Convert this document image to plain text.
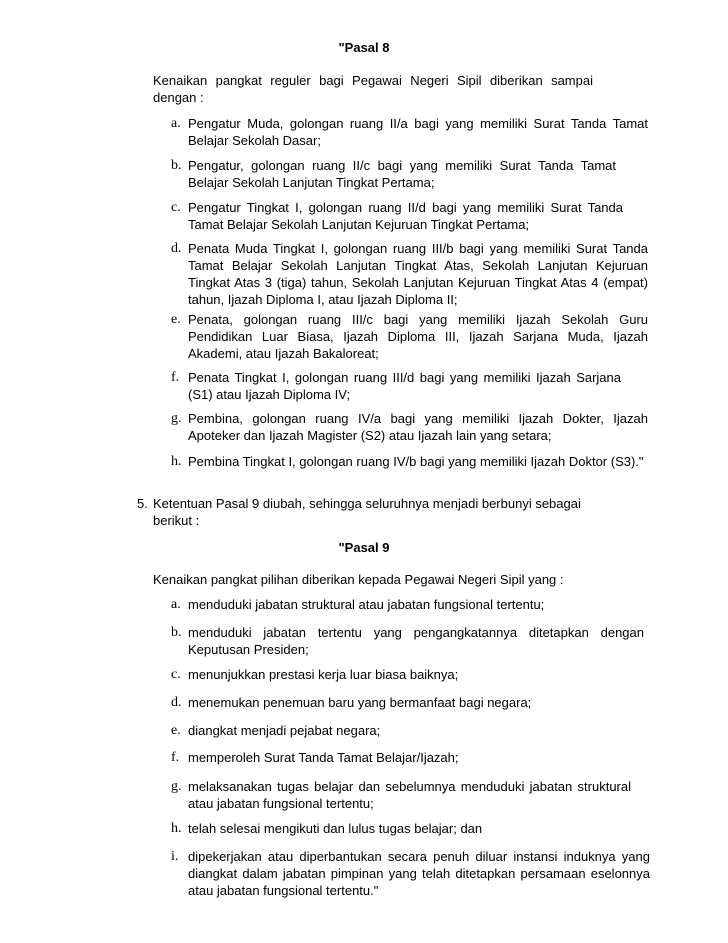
"Pasal 8
Kenaikan pangkat reguler bagi Pegawai Negeri Sipil diberikan sampai dengan :
a. Pengatur Muda, golongan ruang II/a bagi yang memiliki Surat Tanda Tamat Belajar Sekolah Dasar;
b. Pengatur, golongan ruang II/c bagi yang memiliki Surat Tanda Tamat Belajar Sekolah Lanjutan Tingkat Pertama;
c. Pengatur Tingkat I, golongan ruang II/d bagi yang memiliki Surat Tanda Tamat Belajar Sekolah Lanjutan Kejuruan Tingkat Pertama;
d. Penata Muda Tingkat I, golongan ruang III/b bagi yang memiliki Surat Tanda Tamat Belajar Sekolah Lanjutan Tingkat Atas, Sekolah Lanjutan Kejuruan Tingkat Atas 3 (tiga) tahun, Sekolah Lanjutan Kejuruan Tingkat Atas 4 (empat) tahun, Ijazah Diploma I, atau Ijazah Diploma II;
e. Penata, golongan ruang III/c bagi yang memiliki Ijazah Sekolah Guru Pendidikan Luar Biasa, Ijazah Diploma III, Ijazah Sarjana Muda, Ijazah Akademi, atau Ijazah Bakaloreat;
f. Penata Tingkat I, golongan ruang III/d bagi yang memiliki Ijazah Sarjana (S1) atau Ijazah Diploma IV;
g. Pembina, golongan ruang IV/a bagi yang memiliki Ijazah Dokter, Ijazah Apoteker dan Ijazah Magister (S2) atau Ijazah lain yang setara;
h. Pembina Tingkat I, golongan ruang IV/b bagi yang memiliki Ijazah Doktor (S3)."
5. Ketentuan Pasal 9 diubah, sehingga seluruhnya menjadi berbunyi sebagai berikut :
"Pasal 9
Kenaikan pangkat pilihan diberikan kepada Pegawai Negeri Sipil yang :
a. menduduki jabatan struktural atau jabatan fungsional tertentu;
b. menduduki jabatan tertentu yang pengangkatannya ditetapkan dengan Keputusan Presiden;
c. menunjukkan prestasi kerja luar biasa baiknya;
d. menemukan penemuan baru yang bermanfaat bagi negara;
e. diangkat menjadi pejabat negara;
f. memperoleh Surat Tanda Tamat Belajar/Ijazah;
g. melaksanakan tugas belajar dan sebelumnya menduduki jabatan struktural atau jabatan fungsional tertentu;
h. telah selesai mengikuti dan lulus tugas belajar; dan
i. dipekerjakan atau diperbantukan secara penuh diluar instansi induknya yang diangkat dalam jabatan pimpinan yang telah ditetapkan persamaan eselonnya atau jabatan fungsional tertentu."
